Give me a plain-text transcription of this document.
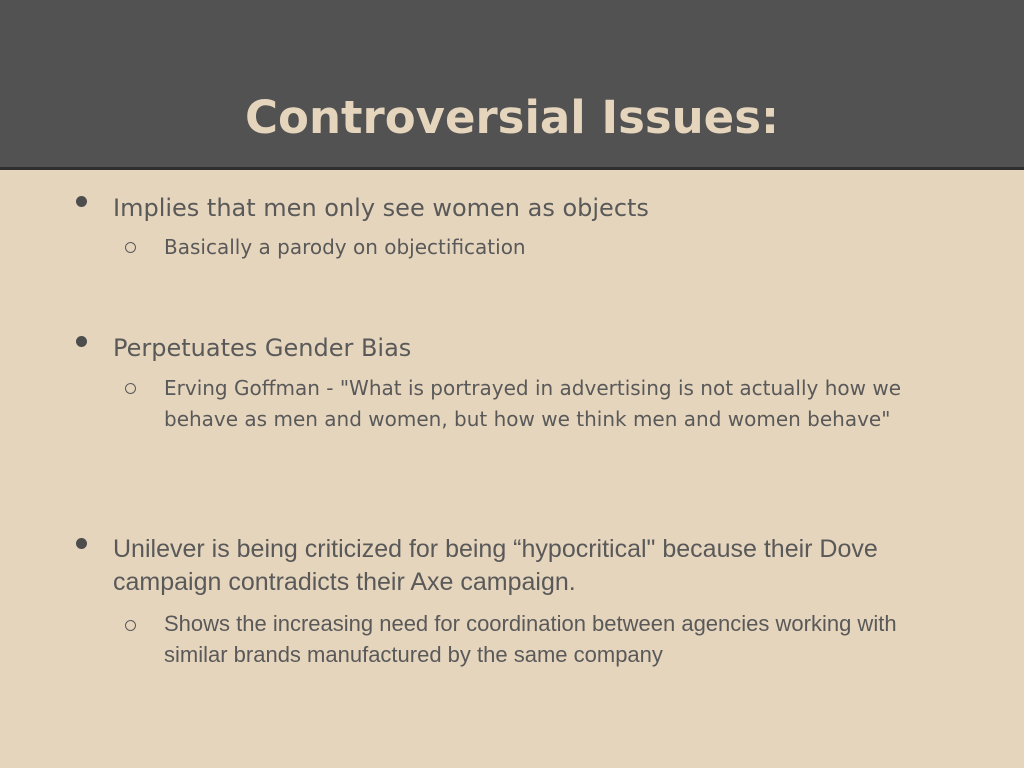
Controversial Issues:

Implies that men only see women as objects

Basically a parody on objectification

Perpetuates Gender Bias

Erving Goffman - "What is portrayed in advertising is not actually how we behave as men and women, but how we think men and women behave"

Unilever is being criticized for being “hypocritical" because their Dove campaign contradicts their Axe campaign.

Shows the increasing need for coordination between agencies working with similar brands manufactured by the same company
